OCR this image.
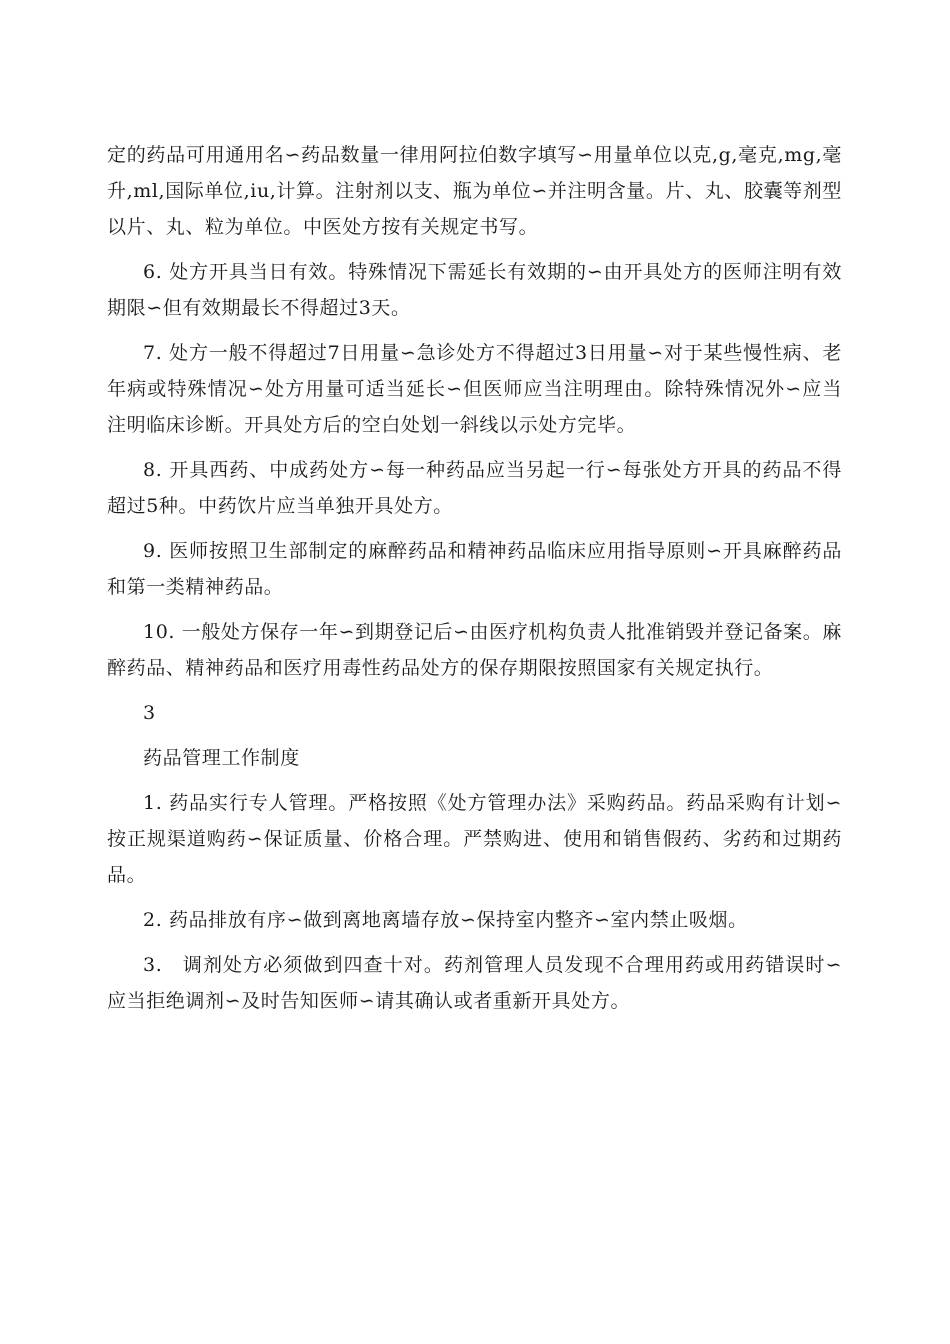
定的药品可用通用名∽药品数量一律用阿拉伯数字填写∽用量单位以克,g,毫克,mg,毫升,ml,国际单位,iu,计算。注射剂以支、瓶为单位∽并注明含量。片、丸、胶囊等剂型以片、丸、粒为单位。中医处方按有关规定书写。

6. 处方开具当日有效。特殊情况下需延长有效期的∽由开具处方的医师注明有效期限∽但有效期最长不得超过3天。

7. 处方一般不得超过7日用量∽急诊处方不得超过3日用量∽对于某些慢性病、老年病或特殊情况∽处方用量可适当延长∽但医师应当注明理由。除特殊情况外∽应当注明临床诊断。开具处方后的空白处划一斜线以示处方完毕。

8. 开具西药、中成药处方∽每一种药品应当另起一行∽每张处方开具的药品不得超过5种。中药饮片应当单独开具处方。

9. 医师按照卫生部制定的麻醉药品和精神药品临床应用指导原则∽开具麻醉药品和第一类精神药品。

10. 一般处方保存一年∽到期登记后∽由医疗机构负责人批准销毁并登记备案。麻醉药品、精神药品和医疗用毒性药品处方的保存期限按照国家有关规定执行。

3

药品管理工作制度

1. 药品实行专人管理。严格按照《处方管理办法》采购药品。药品采购有计划∽按正规渠道购药∽保证质量、价格合理。严禁购进、使用和销售假药、劣药和过期药品。

2. 药品排放有序∽做到离地离墙存放∽保持室内整齐∽室内禁止吸烟。

3.　调剂处方必须做到四查十对。药剂管理人员发现不合理用药或用药错误时∽应当拒绝调剂∽及时告知医师∽请其确认或者重新开具处方。
